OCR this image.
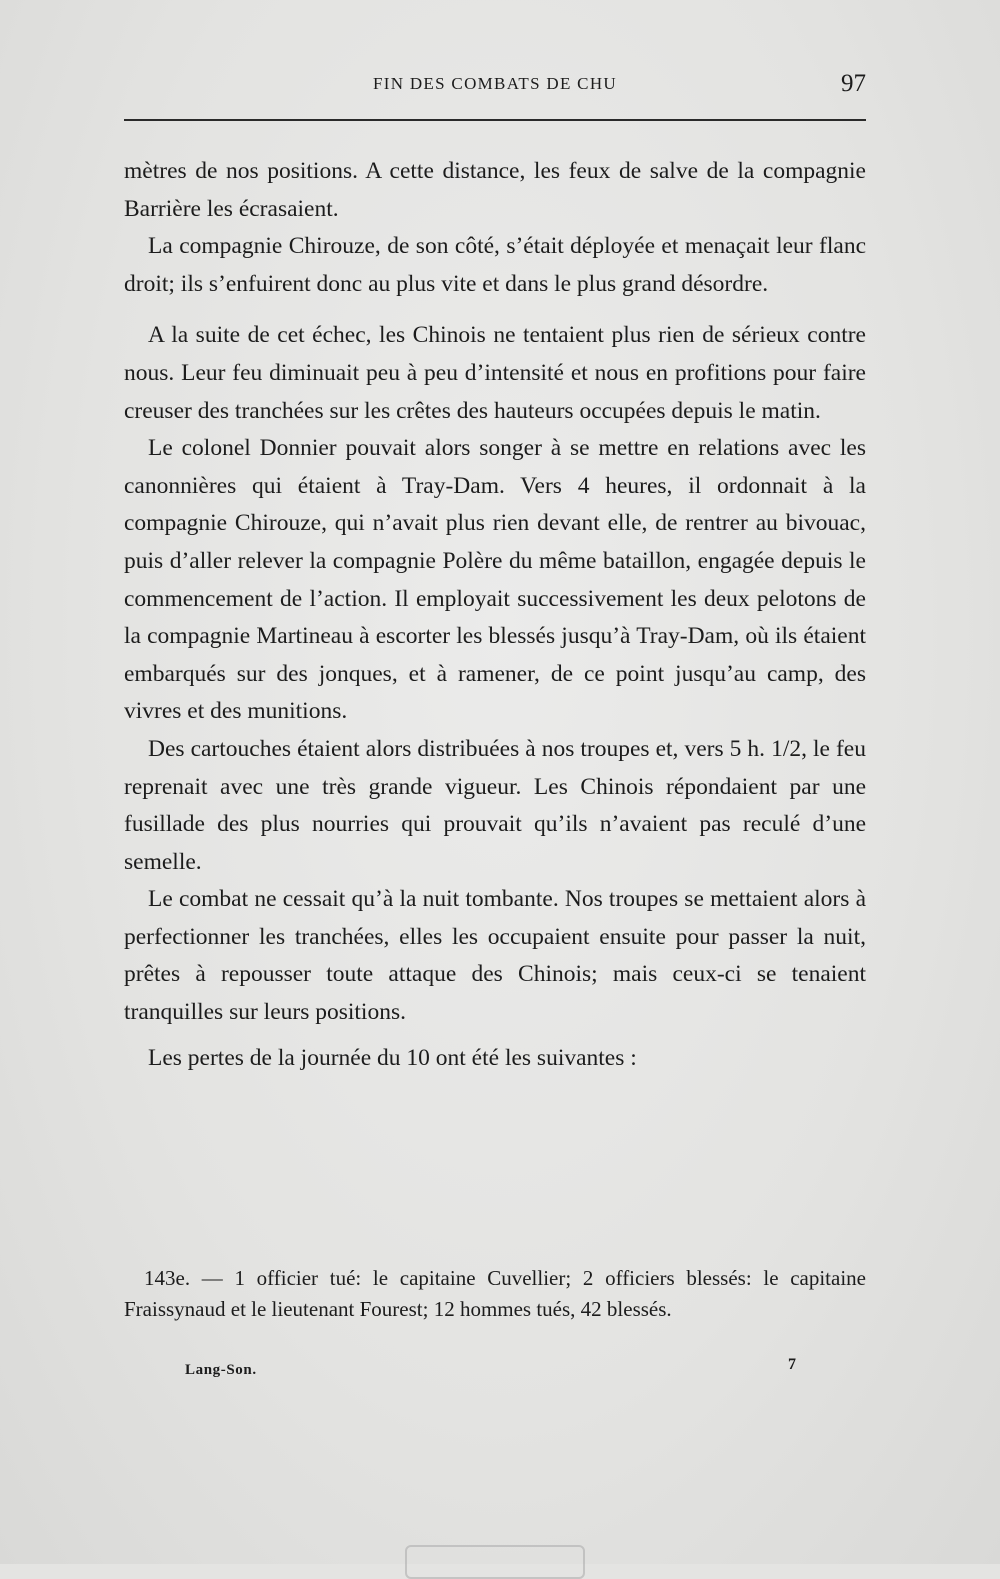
FIN DES COMBATS DE CHU	97

mètres de nos positions. A cette distance, les feux de salve de la compagnie Barrière les écrasaient.

La compagnie Chirouze, de son côté, s’était déployée et menaçait leur flanc droit; ils s’enfuirent donc au plus vite et dans le plus grand désordre.

A la suite de cet échec, les Chinois ne tentaient plus rien de sérieux contre nous. Leur feu diminuait peu à peu d’intensité et nous en profitions pour faire creuser des tranchées sur les crêtes des hauteurs occupées depuis le matin.

Le colonel Donnier pouvait alors songer à se mettre en relations avec les canonnières qui étaient à Tray-Dam. Vers 4 heures, il ordonnait à la compagnie Chirouze, qui n’avait plus rien devant elle, de rentrer au bivouac, puis d’aller relever la compagnie Polère du même bataillon, engagée depuis le commencement de l’action. Il employait successivement les deux pelotons de la compagnie Martineau à escorter les blessés jusqu’à Tray-Dam, où ils étaient embarqués sur des jonques, et à ramener, de ce point jusqu’au camp, des vivres et des munitions.

Des cartouches étaient alors distribuées à nos troupes et, vers 5 h. 1/2, le feu reprenait avec une très grande vigueur. Les Chinois répondaient par une fusillade des plus nourries qui prouvait qu’ils n’avaient pas reculé d’une semelle.

Le combat ne cessait qu’à la nuit tombante. Nos troupes se mettaient alors à perfectionner les tranchées, elles les occupaient ensuite pour passer la nuit, prêtes à repousser toute attaque des Chinois; mais ceux-ci se tenaient tranquilles sur leurs positions.

Les pertes de la journée du 10 ont été les suivantes :

143e. — 1 officier tué: le capitaine Cuvellier; 2 officiers blessés: le capitaine Fraissynaud et le lieutenant Fourest; 12 hommes tués, 42 blessés.
Lang-Son.	7
